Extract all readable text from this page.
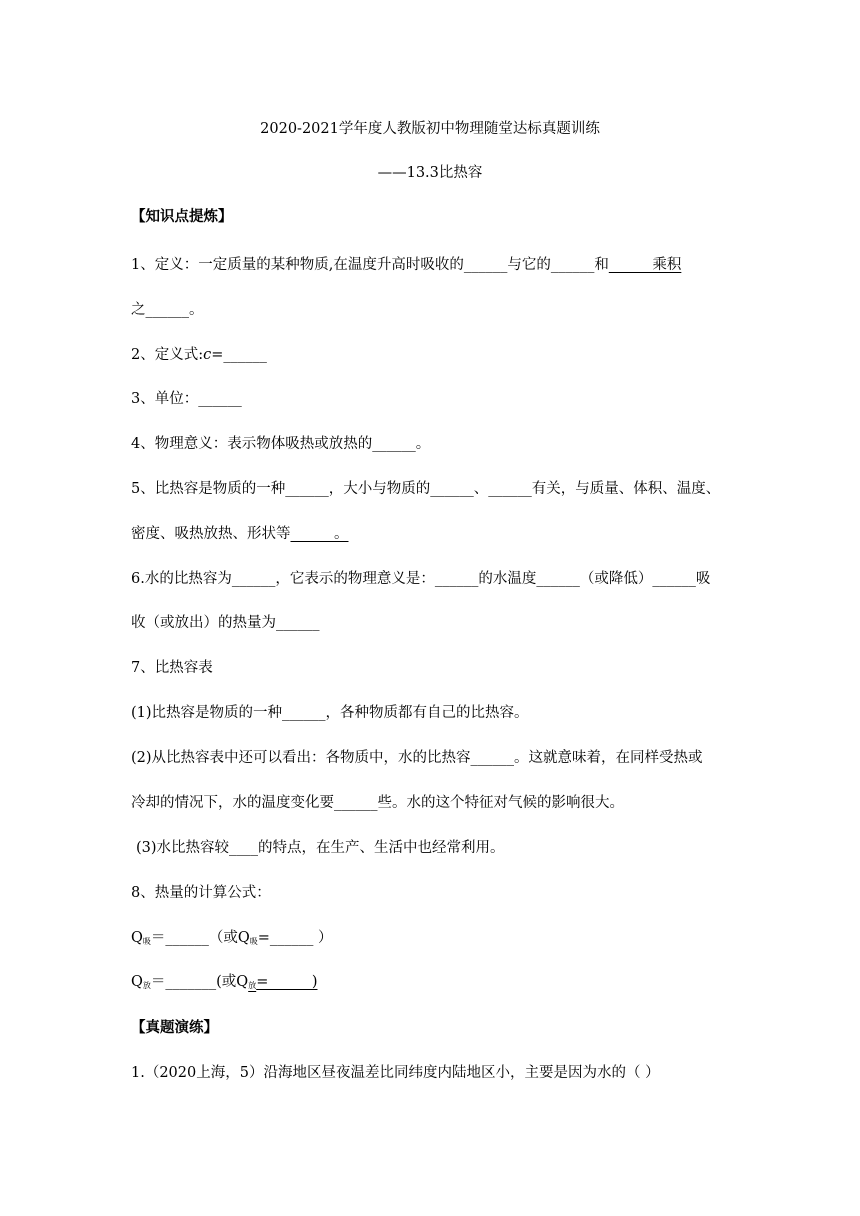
2020-2021学年度人教版初中物理随堂达标真题训练
——13.3比热容
【知识点提炼】
1、定义：一定质量的某种物质,在温度升高时吸收的______与它的______和______乘积
之______。
2、定义式:c=______
3、单位：______
4、物理意义：表示物体吸热或放热的______。
5、比热容是物质的一种______，大小与物质的______、______有关，与质量、体积、温度、
密度、吸热放热、形状等______。
6.水的比热容为______，它表示的物理意义是：______的水温度______（或降低）______吸
收（或放出）的热量为______
7、比热容表
(1)比热容是物质的一种______，各种物质都有自己的比热容。
(2)从比热容表中还可以看出：各物质中，水的比热容______。这就意味着，在同样受热或
冷却的情况下，水的温度变化要______些。水的这个特征对气候的影响很大。
(3)水比热容较____的特点，在生产、生活中也经常利用。
8、热量的计算公式：
Q吸＝______（或Q吸=______ ）
Q放＝_______(或Q放=______)
【真题演练】
1.（2020上海，5）沿海地区昼夜温差比同纬度内陆地区小，主要是因为水的（ ）
